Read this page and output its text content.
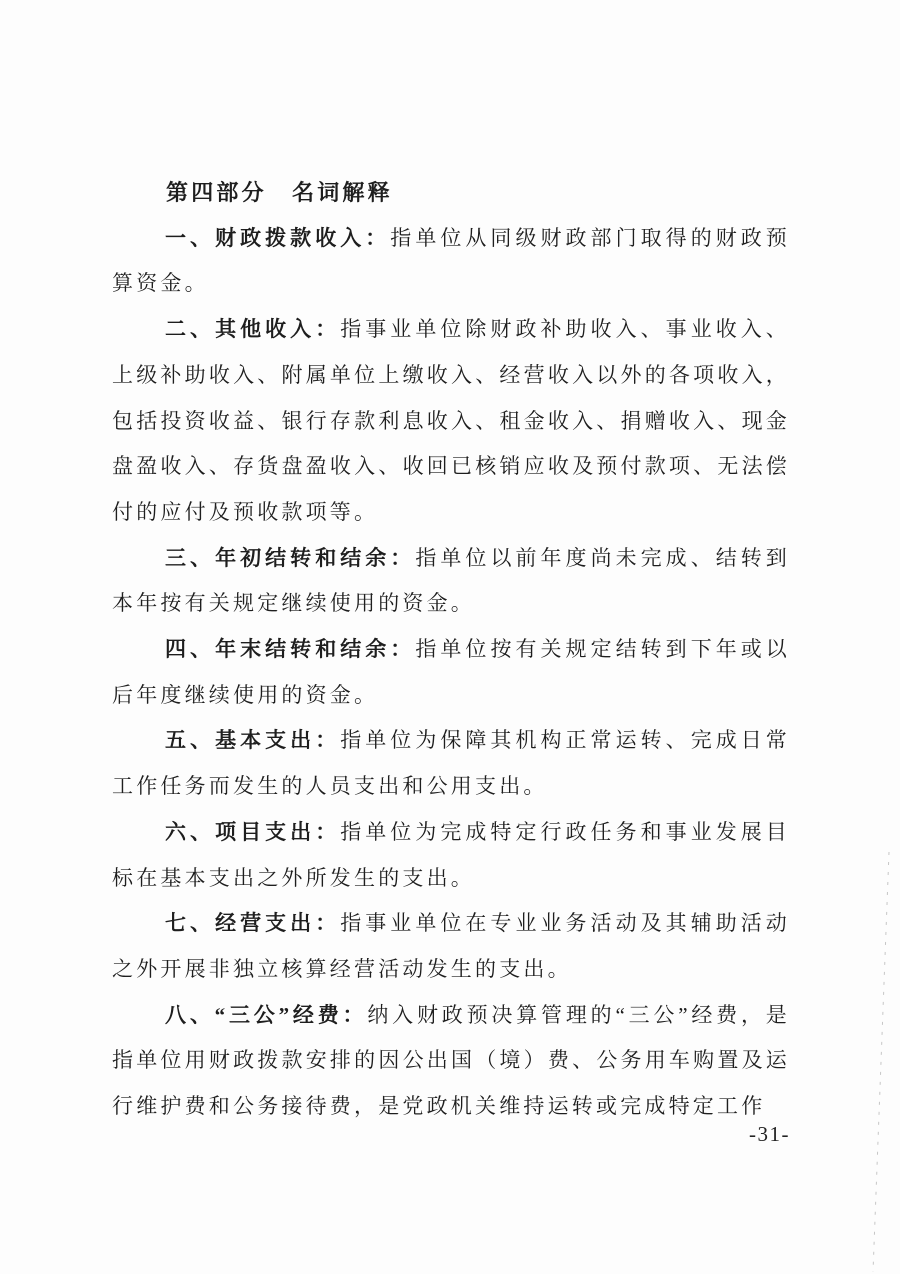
第四部分　名词解释

一、财政拨款收入：指单位从同级财政部门取得的财政预算资金。

二、其他收入：指事业单位除财政补助收入、事业收入、上级补助收入、附属单位上缴收入、经营收入以外的各项收入，包括投资收益、银行存款利息收入、租金收入、捐赠收入、现金盘盈收入、存货盘盈收入、收回已核销应收及预付款项、无法偿付的应付及预收款项等。

三、年初结转和结余：指单位以前年度尚未完成、结转到本年按有关规定继续使用的资金。

四、年末结转和结余：指单位按有关规定结转到下年或以后年度继续使用的资金。

五、基本支出：指单位为保障其机构正常运转、完成日常工作任务而发生的人员支出和公用支出。

六、项目支出：指单位为完成特定行政任务和事业发展目标在基本支出之外所发生的支出。

七、经营支出：指事业单位在专业业务活动及其辅助活动之外开展非独立核算经营活动发生的支出。

八、“三公”经费：纳入财政预决算管理的“三公”经费，是指单位用财政拨款安排的因公出国（境）费、公务用车购置及运行维护费和公务接待费，是党政机关维持运转或完成特定工作

-31-
